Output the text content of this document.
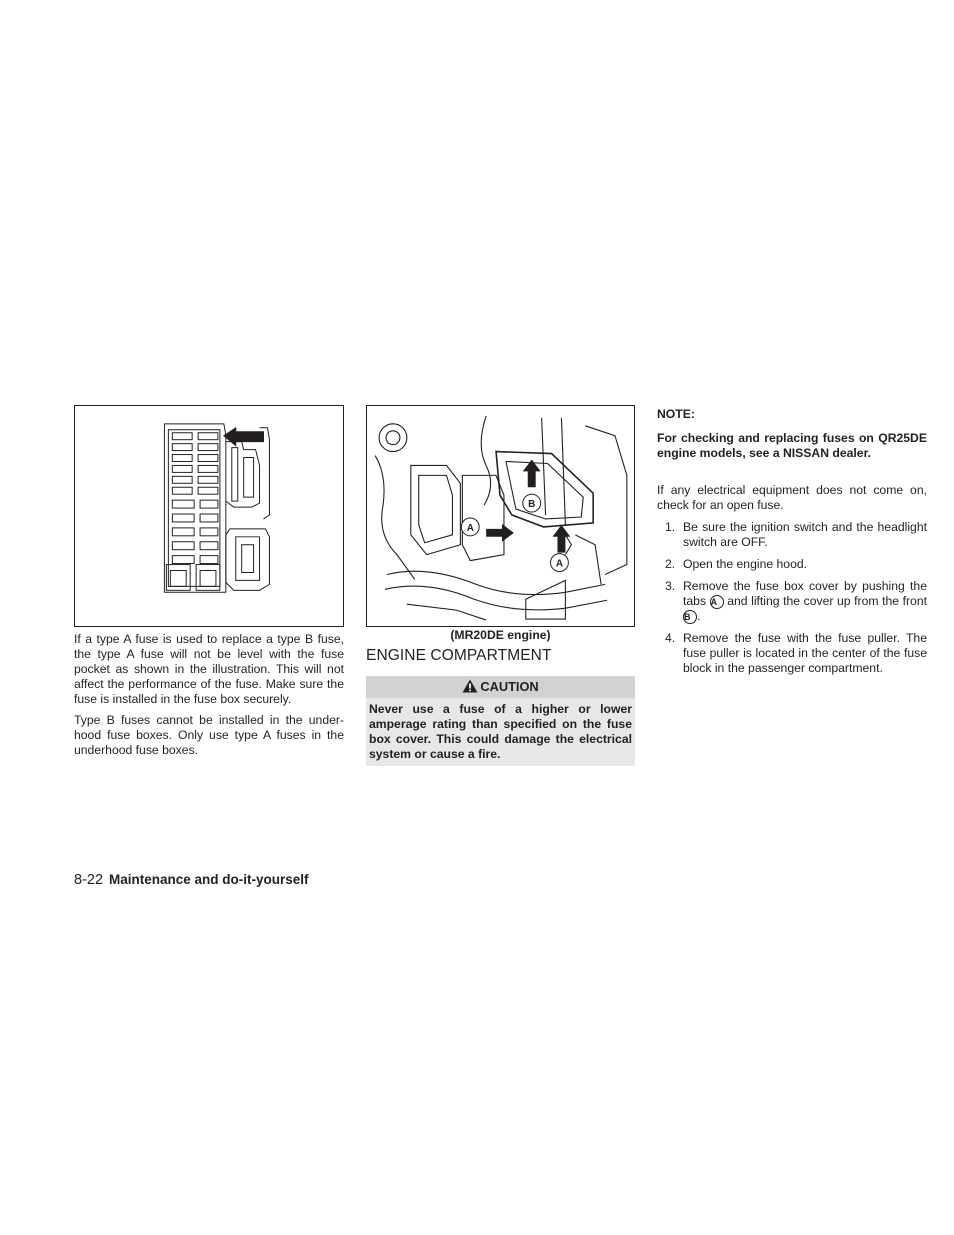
B
A
A

If a type A fuse is used to replace a type B fuse, the type A fuse will not be level with the fuse pocket as shown in the illustration. This will not affect the performance of the fuse. Make sure the fuse is installed in the fuse box securely.

Type B fuses cannot be installed in the under-hood fuse boxes. Only use type A fuses in the underhood fuse boxes.

(MR20DE engine)
ENGINE COMPARTMENT
CAUTION
Never use a fuse of a higher or lower amperage rating than specified on the fuse box cover. This could damage the electrical system or cause a fire.
NOTE:

For checking and replacing fuses on QR25DE engine models, see a NISSAN dealer.

If any electrical equipment does not come on, check for an open fuse.

1. Be sure the ignition switch and the headlight switch are OFF.
2. Open the engine hood.
3. Remove the fuse box cover by pushing the tabs A and lifting the cover up from the front B .
4. Remove the fuse with the fuse puller. The fuse puller is located in the center of the fuse block in the passenger compartment.
8-22 Maintenance and do-it-yourself
